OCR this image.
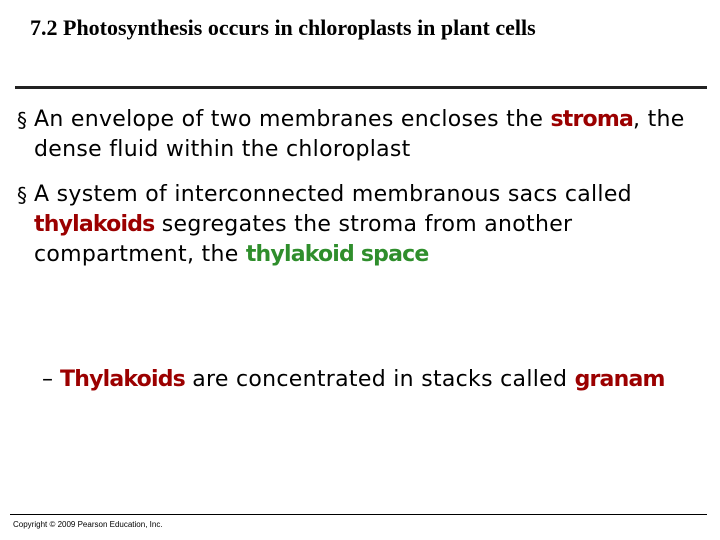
7.2 Photosynthesis occurs in chloroplasts in plant cells
§ An envelope of two membranes encloses the stroma, the dense fluid within the chloroplast
§ A system of interconnected membranous sacs called thylakoids segregates the stroma from another compartment, the thylakoid space
– Thylakoids are concentrated in stacks called granam
Copyright © 2009 Pearson Education, Inc.
